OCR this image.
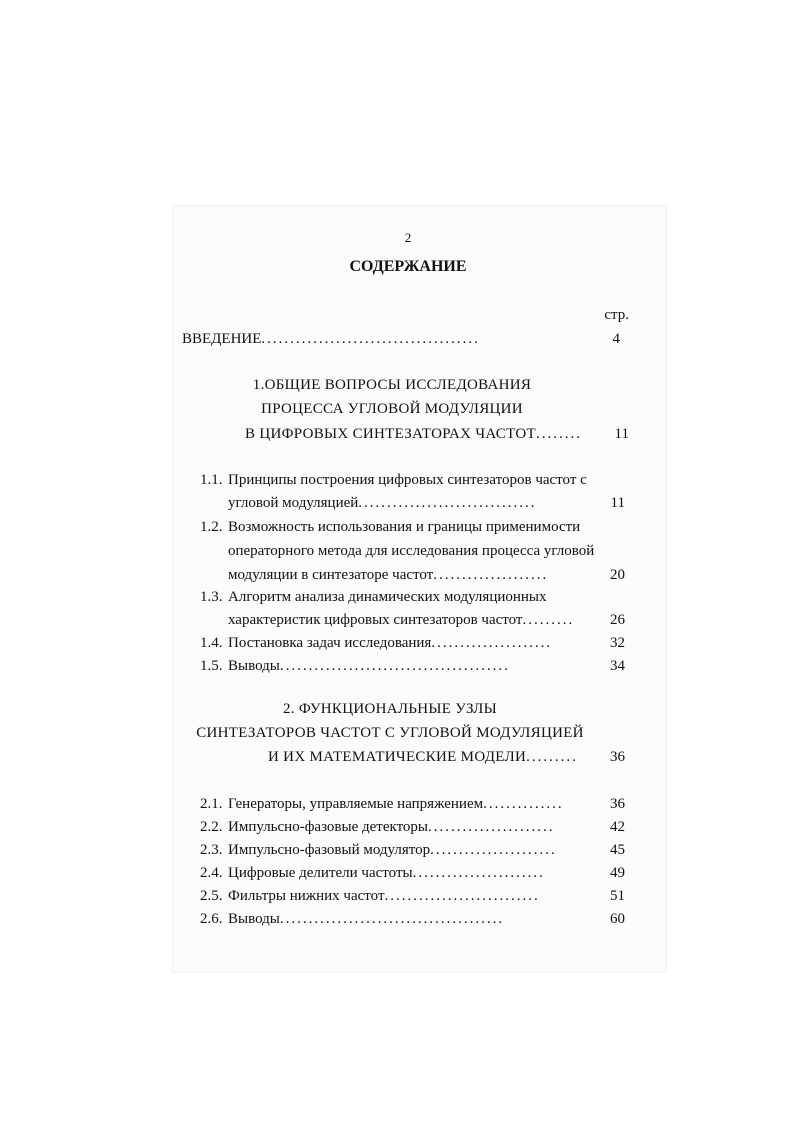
2
СОДЕРЖАНИЕ
стр.
ВВЕДЕНИЕ......................................	4
1.ОБЩИЕ ВОПРОСЫ ИССЛЕДОВАНИЯ
ПРОЦЕССА УГЛОВОЙ МОДУЛЯЦИИ
В ЦИФРОВЫХ СИНТЕЗАТОРАХ ЧАСТОТ........ 11
1.1. Принципы построения цифровых синтезаторов частот с
угловой модуляцией...............................	11
1.2. Возможность использования и границы применимости
операторного метода для исследования процесса угловой
модуляции в синтезаторе частот....................	20
1.3. Алгоритм анализа динамических модуляционных
характеристик цифровых синтезаторов частот......... 26
1.4. Постановка задач исследования.....................	32
1.5. Выводы........................................	34
2. ФУНКЦИОНАЛЬНЫЕ УЗЛЫ
СИНТЕЗАТОРОВ ЧАСТОТ С УГЛОВОЙ МОДУЛЯЦИЕЙ
И ИХ МАТЕМАТИЧЕСКИЕ МОДЕЛИ......... 36
2.1. Генераторы, управляемые напряжением..............	36
2.2. Импульсно-фазовые детекторы......................	42
2.3. Импульсно-фазовый модулятор......................	45
2.4. Цифровые делители частоты.......................	49
2.5. Фильтры нижних частот...........................	51
2.6. Выводы.......................................	60
